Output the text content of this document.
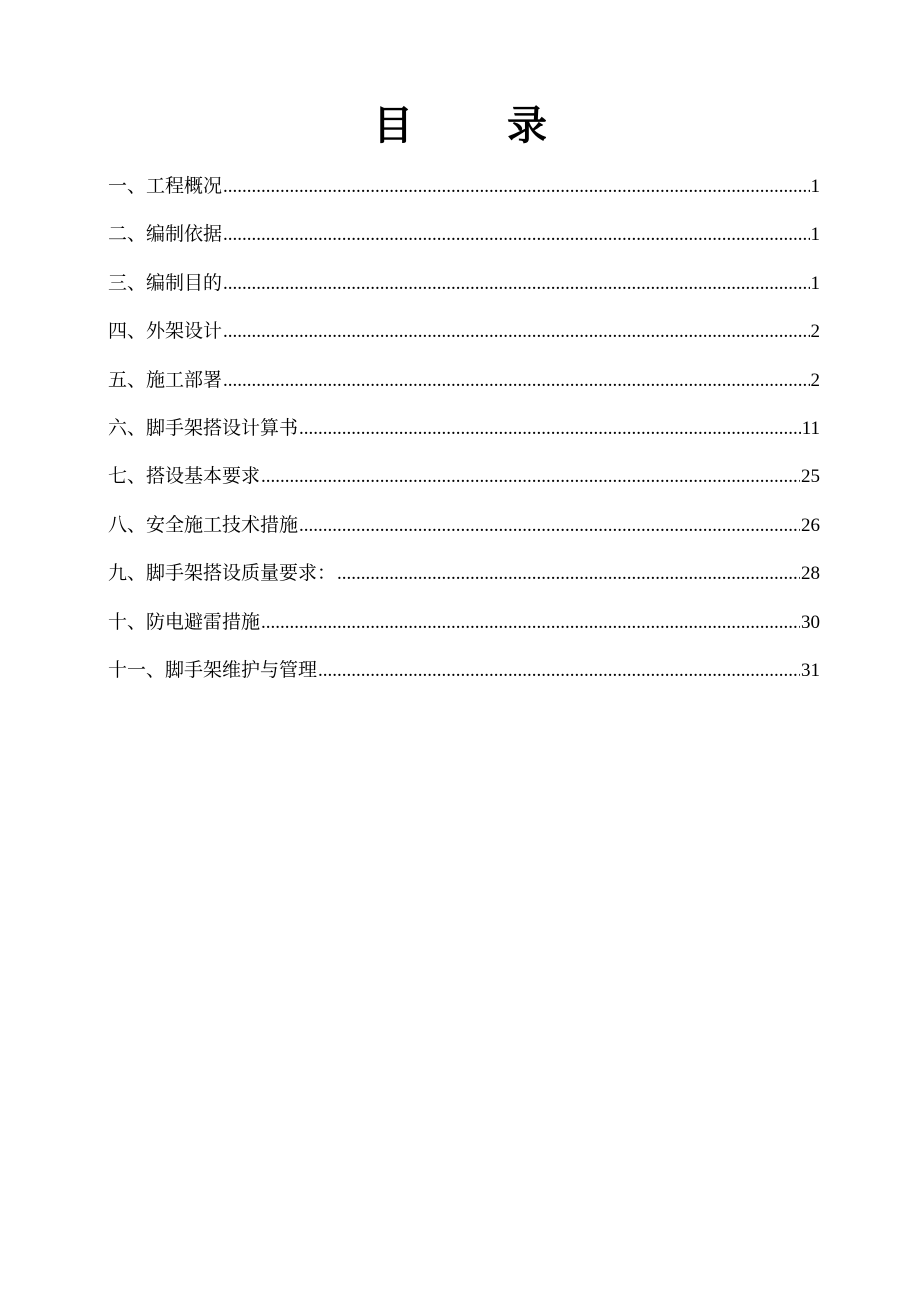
目 录
一、工程概况 .....	1
二、编制依据 .....	1
三、编制目的 .....	1
四、外架设计 .....	2
五、施工部署 .....	2
六、脚手架搭设计算书 .....	11
七、搭设基本要求 .....	25
八、安全施工技术措施 .....	26
九、脚手架搭设质量要求： .....	28
十、防电避雷措施 .....	30
十一、脚手架维护与管理 .....	31
